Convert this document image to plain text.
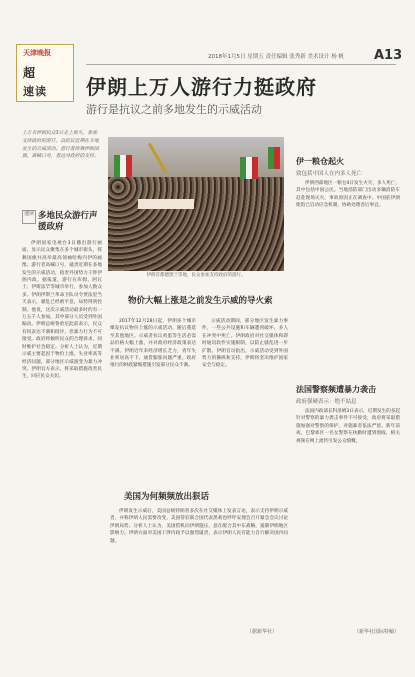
天津晚报
超
速读
2018年1月5日 星期五 责任编辑 张秀新 美术设计 杨 帆 A13
伊朗上万人游行力挺政府
游行是抗议之前多地发生的示威活动
上万名伊朗民众3日走上街头，参加支持政府的游行，以抗议近期在多地发生的示威活动。游行者挥舞伊朗国旗，高喊口号，表达对政府的支持。
伊朗首都德黑兰等地，民众参加支持政府的游行。
速读 多地民众游行声援政府

伊朗国家电视台3日播出游行画面，显示民众聚集在多个城市街头，挥舞国旗并高举最高领袖哈梅内伊的画像。游行者高喊口号，谴责近期在多地发生的示威活动，指责外国势力干涉伊朗内政。据报道，游行在库姆、阿瓦士、伊斯法罕等城市举行，参加人数众多。伊朗伊斯兰革命卫队司令贾法里当天表示，骚乱已经被平息，局势得到控制。他说，这次示威活动最多时约有一万五千人参加，其中部分人员受到外国煽动。伊朗总统鲁哈尼此前表示，民众有权表达不满和批评，但暴力行为不可接受。政府将倾听民众的合理诉求，同时维护社会稳定。分析人士认为，近期示威主要起因于物价上涨、失业率高等经济问题，部分地区示威演变为暴力冲突。伊朗官方表示，将采取措施改善民生，回应民众关切。

物价大幅上涨是之前发生示威的导火索

2017年12月28日起，伊朗多个城市爆发抗议物价上涨的示威活动，随后蔓延至其他地区。示威者抗议鸡蛋等生活必需品价格大幅上涨，并对政府经济政策表达不满。伊朗近年来经济增长乏力，青年失业率居高不下，通货膨胀问题严重。政府推行的财政紧缩措施引发部分民众不满。

示威活动期间，部分地区发生暴力事件，一些公共设施和车辆遭到破坏，多人在冲突中死亡。伊朗政府对社交媒体和即时通讯软件实施限制，以防止骚乱进一步扩散。伊朗官员指出，示威活动受到外国势力的操纵和支持，伊朗将坚决维护国家安全与稳定。

美国为何频频放出狠话

伊朗发生示威后，美国总统特朗普多次在社交媒体上发表言论，表示支持伊朗示威者，并称伊朗人民需要改变。美国常驻联合国代表黑莉也呼吁安理会召开紧急会议讨论伊朗局势。分析人士认为，美国借机向伊朗施压，意在配合其中东战略，遏制伊朗地区影响力。伊朗方面对美国干涉内政予以强烈谴责，表示伊朗人民有能力自行解决国内问题。

（据新华社）
伊一粮仓起火
致包括中国人在内多人死亡

伊朗西部地区一粮仓4日发生火灾，多人死亡，其中包括中国公民。当地消防部门出动多辆消防车赶赴现场灭火，事故原因正在调查中。中国驻伊朗使馆已启动应急机制，协助处理善后事宜。

法国警察频遭暴力袭击
政府强硬表示：绝不姑息

法国内政部长科洛姆3日表示，近期发生的多起针对警察的暴力袭击事件不可接受，政府将采取措施加强对警察的保护，对施暴者依法严惩。新年前夜，巴黎郊区一名女警察在执勤时遭到围殴，相关视频在网上流传引发公众愤慨。

（新华社国际特稿）
